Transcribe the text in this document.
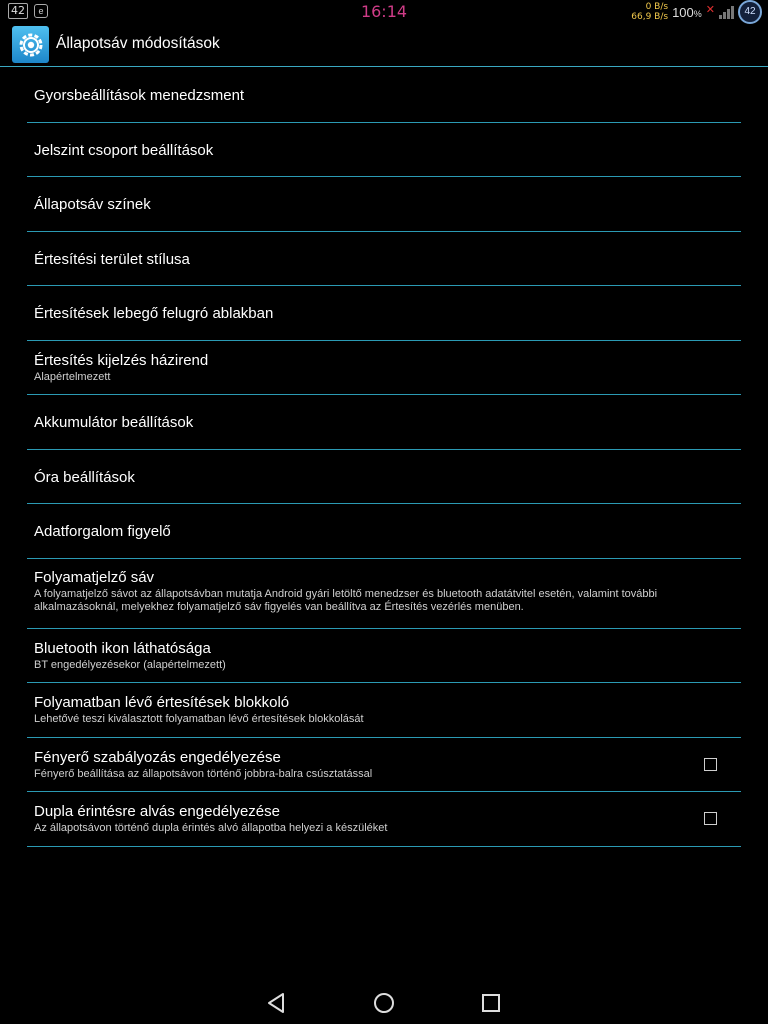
42	e	16:14	0 B/s
66,9 B/s 100% ✕	42
Állapotsáv módosítások
Gyorsbeállítások menedzsment
Jelszint csoport beállítások
Állapotsáv színek
Értesítési terület stílusa
Értesítések lebegő felugró ablakban
Értesítés kijelzés házirend
Alapértelmezett
Akkumulátor beállítások
Óra beállítások
Adatforgalom figyelő
Folyamatjelző sáv
A folyamatjelző sávot az állapotsávban mutatja Android gyári letöltő menedzser és bluetooth adatátvitel esetén, valamint további alkalmazásoknál, melyekhez folyamatjelző sáv figyelés van beállítva az Értesítés vezérlés menüben.
Bluetooth ikon láthatósága
BT engedélyezésekor (alapértelmezett)
Folyamatban lévő értesítések blokkoló
Lehetővé teszi kiválasztott folyamatban lévő értesítések blokkolását
Fényerő szabályozás engedélyezése
Fényerő beállítása az állapotsávon történő jobbra-balra csúsztatással
Dupla érintésre alvás engedélyezése
Az állapotsávon történő dupla érintés alvó állapotba helyezi a készüléket
